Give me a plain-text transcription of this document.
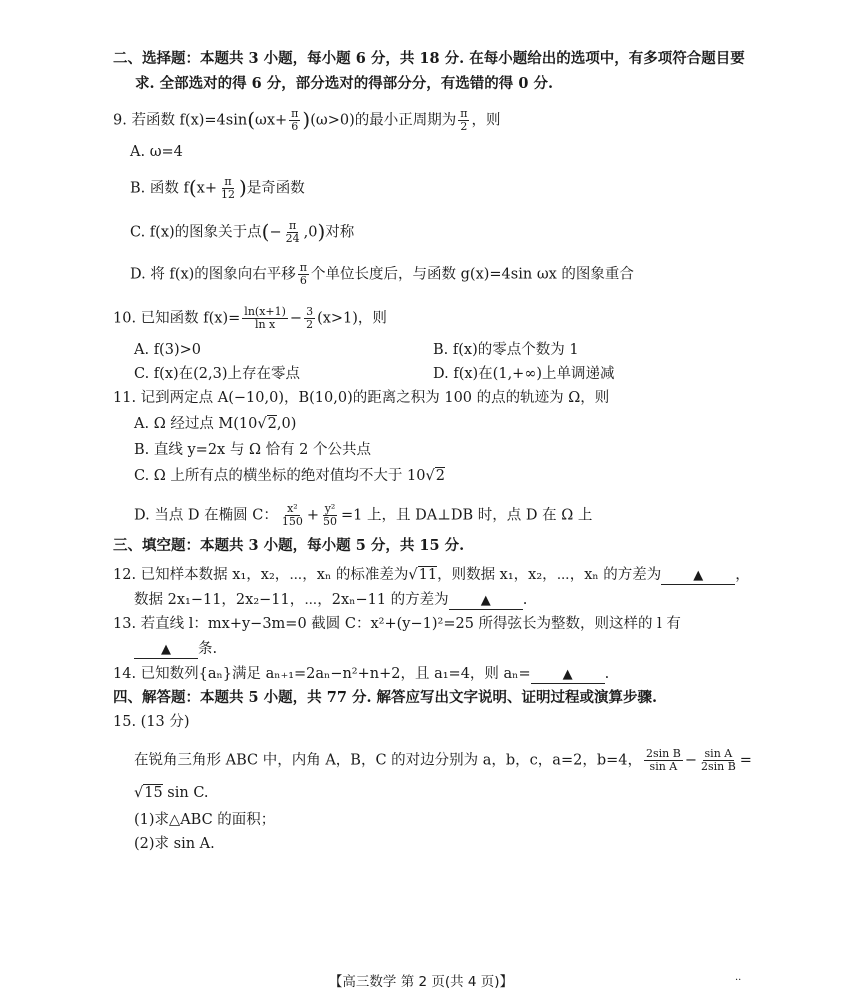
二、选择题：本题共 3 小题，每小题 6 分，共 18 分. 在每小题给出的选项中，有多项符合题目要
求. 全部选对的得 6 分，部分选对的得部分分，有选错的得 0 分.
9. 若函数 $f(x)=4\sin(\omega x+ \frac{\pi}{6} )(\omega>0)$的最小正周期为 $\frac{\pi}{2}$ ，则
A. ω=4
B. 函数 $f(x+ \frac{\pi}{12}$ )是奇函数
C. f(x)的图象关于点(− $\frac{\pi}{24} ,0$)对称
D. 将 f(x)的图象向右平移 $\frac{\pi}{6}$ 个单位长度后，与函数 g(x)=4sin ωx 的图象重合
10. 已知函数 $f(x)= \frac{\ln(x+1)}{\text{ln x}} - \frac{3}{2} (x>1)$，则
A. f(3)>0	B. f(x)的零点个数为 1
C. f(x)在(2,3)上存在零点	D. f(x)在(1,+∞)上单调递减
11. 记到两定点 A(−10,0)，B(10,0)的距离之积为 100 的点的轨迹为 Ω，则
A. Ω 经过点 M(10√2,0)
B. 直线 y=2x 与 Ω 恰有 2 个公共点
C. Ω 上所有点的横坐标的绝对值均不大于 10√2
D. 当点 D 在椭圆 C： $\frac{\text{x²}}{150} + \frac{\text{y²}}{50} =1$ 上，且 DA⊥DB 时，点 D 在 Ω 上
三、填空题：本题共 3 小题，每小题 5 分，共 15 分.
12. 已知样本数据 x₁，x₂，⋯，xₙ 的标准差为√11，则数据 x₁，x₂，⋯，xₙ 的方差为 ▲ ，
数据 2x₁−11，2x₂−11，⋯，2xₙ−11 的方差为 ▲ .
13. 若直线 l：mx+y−3m=0 截圆 C：x²+(y−1)²=25 所得弦长为整数，则这样的 l 有
▲ 条.
14. 已知数列{aₙ}满足 aₙ₊₁=2aₙ−n²+n+2，且 a₁=4，则 aₙ= ▲ .
四、解答题：本题共 5 小题，共 77 分. 解答应写出文字说明、证明过程或演算步骤.
15. (13 分)
在锐角三角形 ABC 中，内角 A，B，C 的对边分别为 a，b，c，a=2，b=4， $\frac{\text{2sin B}}{\text{sin A}} - \frac{\text{sin A}}{\text{2sin B}}$ =
√15 sin C.
(1)求△ABC 的面积；
(2)求 sin A.
【高三数学 第 2 页(共 4 页)】	··
